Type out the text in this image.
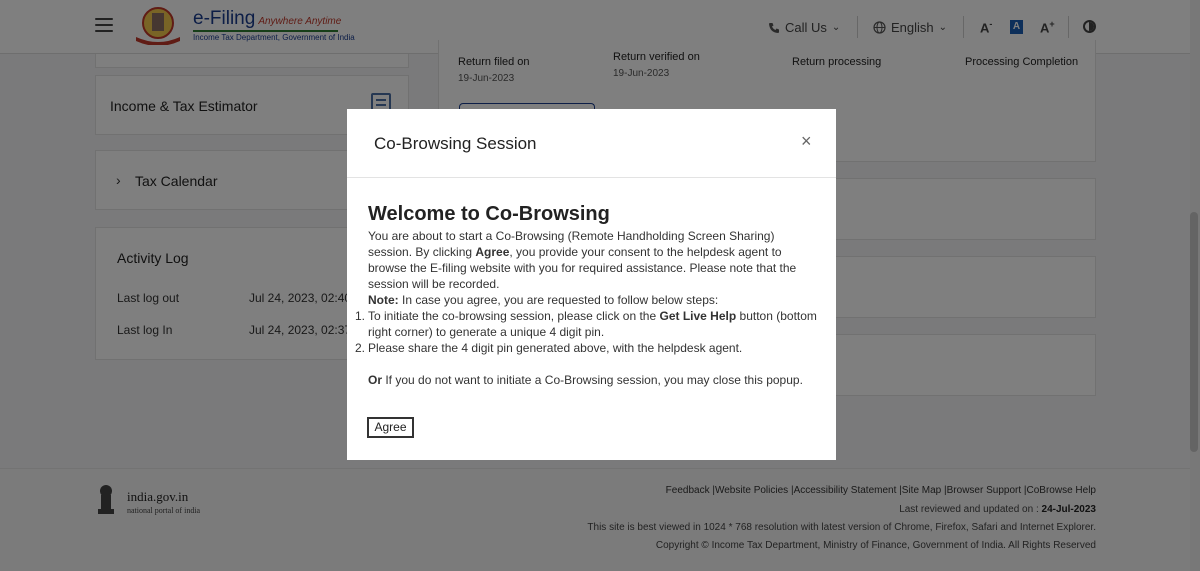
Co-Browsing Session	×
Welcome to Co-Browsing

You are about to start a Co-Browsing (Remote Handholding Screen Sharing) session. By clicking Agree, you provide your consent to the helpdesk agent to browse the E-filing website with you for required assistance. Please note that the session will be recorded.

Note: In case you agree, you are requested to follow below steps:

1. To initiate the co-browsing session, please click on the Get Live Help button (bottom right corner) to generate a unique 4 digit pin.
2. Please share the 4 digit pin generated above, with the helpdesk agent.

Or If you do not want to initiate a Co-Browsing session, you may close this popup.

Agree
